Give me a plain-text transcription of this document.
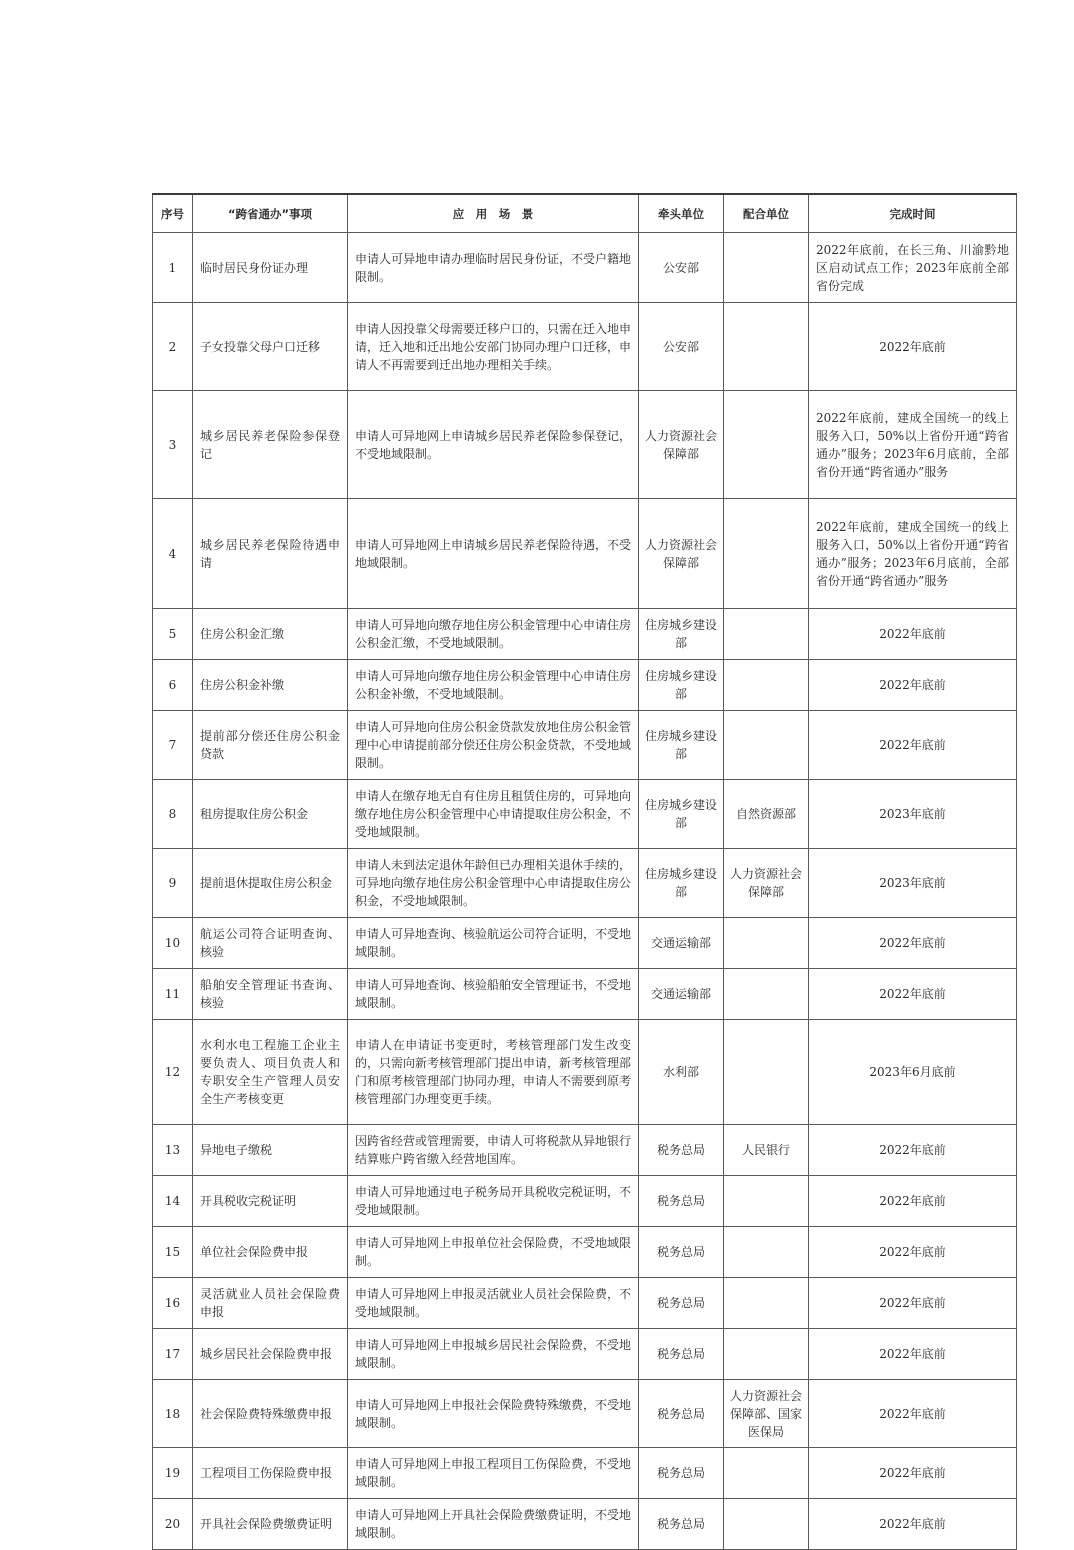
序号	“跨省通办”事项	应　用　场　景	牵头单位	配合单位	完成时间
1	临时居民身份证办理	申请人可异地申请办理临时居民身份证，不受户籍地限制。	公安部		2022年底前，在长三角、川渝黔地区启动试点工作；2023年底前全部省份完成
2	子女投靠父母户口迁移	申请人因投靠父母需要迁移户口的，只需在迁入地申请，迁入地和迁出地公安部门协同办理户口迁移，申请人不再需要到迁出地办理相关手续。	公安部		2022年底前
3	城乡居民养老保险参保登记	申请人可异地网上申请城乡居民养老保险参保登记，不受地域限制。	人力资源社会保障部		2022年底前，建成全国统一的线上服务入口，50%以上省份开通“跨省通办”服务；2023年6月底前，全部省份开通“跨省通办”服务
4	城乡居民养老保险待遇申请	申请人可异地网上申请城乡居民养老保险待遇，不受地域限制。	人力资源社会保障部		2022年底前，建成全国统一的线上服务入口，50%以上省份开通“跨省通办”服务；2023年6月底前，全部省份开通“跨省通办”服务
5	住房公积金汇缴	申请人可异地向缴存地住房公积金管理中心申请住房公积金汇缴，不受地域限制。	住房城乡建设部		2022年底前
6	住房公积金补缴	申请人可异地向缴存地住房公积金管理中心申请住房公积金补缴，不受地域限制。	住房城乡建设部		2022年底前
7	提前部分偿还住房公积金贷款	申请人可异地向住房公积金贷款发放地住房公积金管理中心申请提前部分偿还住房公积金贷款，不受地域限制。	住房城乡建设部		2022年底前
8	租房提取住房公积金	申请人在缴存地无自有住房且租赁住房的，可异地向缴存地住房公积金管理中心申请提取住房公积金，不受地域限制。	住房城乡建设部	自然资源部	2023年底前
9	提前退休提取住房公积金	申请人未到法定退休年龄但已办理相关退休手续的，可异地向缴存地住房公积金管理中心申请提取住房公积金，不受地域限制。	住房城乡建设部	人力资源社会保障部	2023年底前
10	航运公司符合证明查询、核验	申请人可异地查询、核验航运公司符合证明，不受地域限制。	交通运输部		2022年底前
11	船舶安全管理证书查询、核验	申请人可异地查询、核验船舶安全管理证书，不受地域限制。	交通运输部		2022年底前
12	水利水电工程施工企业主要负责人、项目负责人和专职安全生产管理人员安全生产考核变更	申请人在申请证书变更时，考核管理部门发生改变的，只需向新考核管理部门提出申请，新考核管理部门和原考核管理部门协同办理，申请人不需要到原考核管理部门办理变更手续。	水利部		2023年6月底前
13	异地电子缴税	因跨省经营或管理需要，申请人可将税款从异地银行结算账户跨省缴入经营地国库。	税务总局	人民银行	2022年底前
14	开具税收完税证明	申请人可异地通过电子税务局开具税收完税证明，不受地域限制。	税务总局		2022年底前
15	单位社会保险费申报	申请人可异地网上申报单位社会保险费，不受地域限制。	税务总局		2022年底前
16	灵活就业人员社会保险费申报	申请人可异地网上申报灵活就业人员社会保险费，不受地域限制。	税务总局		2022年底前
17	城乡居民社会保险费申报	申请人可异地网上申报城乡居民社会保险费，不受地域限制。	税务总局		2022年底前
18	社会保险费特殊缴费申报	申请人可异地网上申报社会保险费特殊缴费，不受地域限制。	税务总局	人力资源社会保障部、国家医保局	2022年底前
19	工程项目工伤保险费申报	申请人可异地网上申报工程项目工伤保险费，不受地域限制。	税务总局		2022年底前
20	开具社会保险费缴费证明	申请人可异地网上开具社会保险费缴费证明，不受地域限制。	税务总局		2022年底前
